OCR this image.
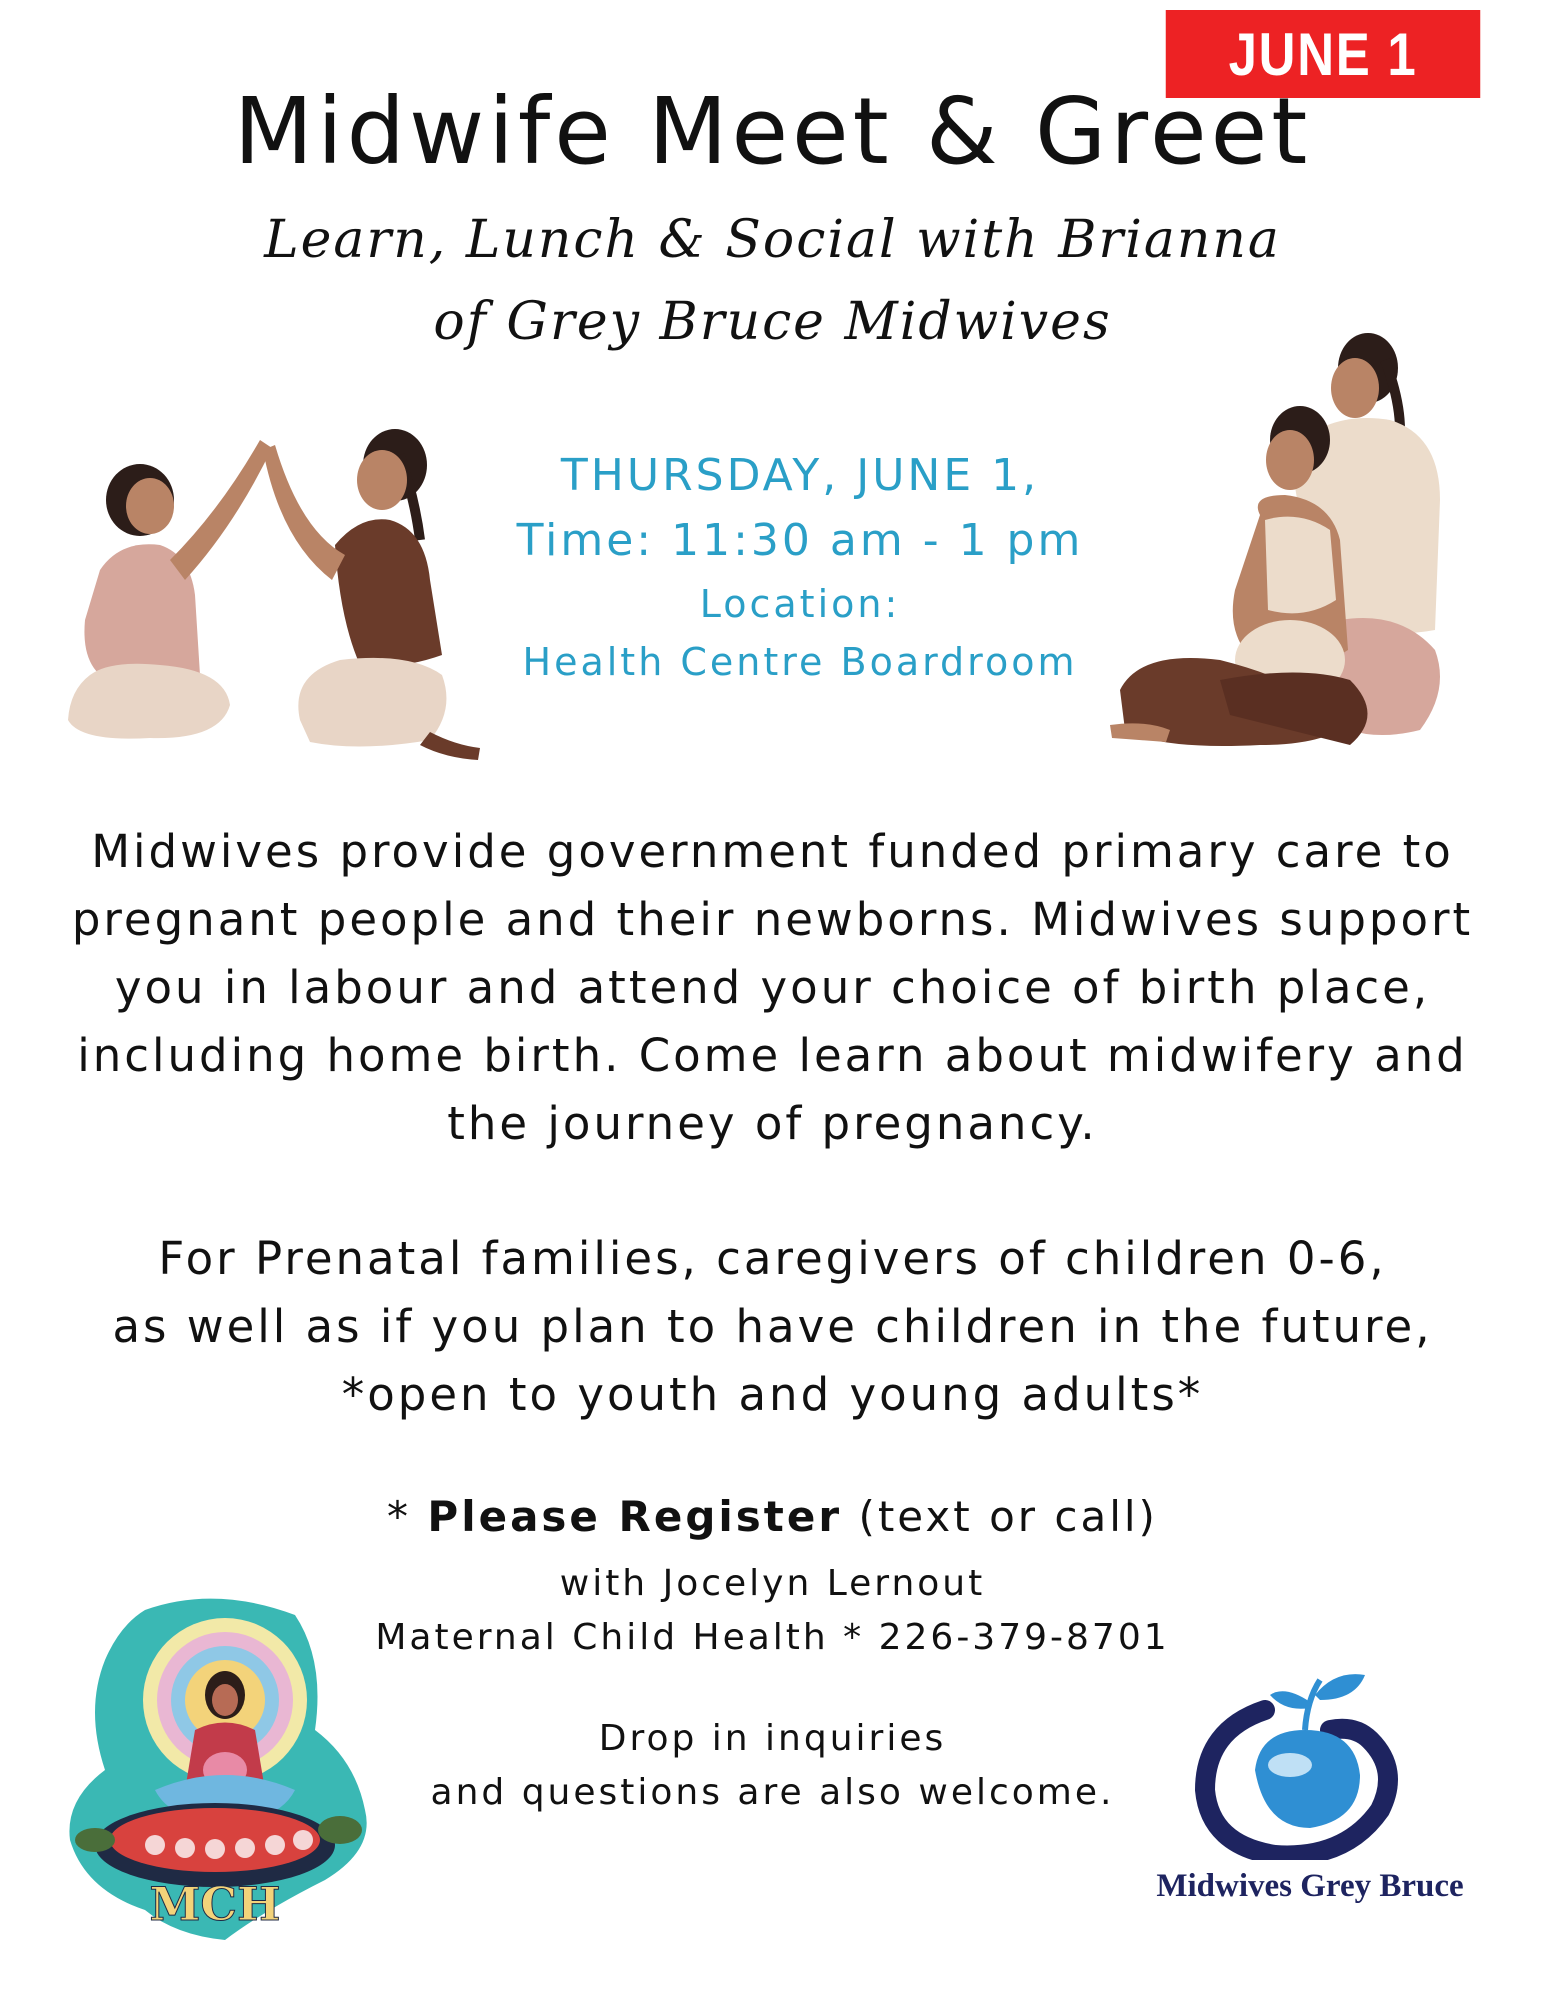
JUNE 1
Midwife Meet & Greet
Learn, Lunch & Social with Brianna
of Grey Bruce Midwives
THURSDAY, JUNE 1,
Time: 11:30 am - 1 pm
Location:
Health Centre Boardroom
Midwives provide government funded primary care to
pregnant people and their newborns. Midwives support
you in labour and attend your choice of birth place,
including home birth. Come learn about midwifery and
the journey of pregnancy.
For Prenatal families, caregivers of children 0-6,
as well as if you plan to have children in the future,
*open to youth and young adults*
* Please Register (text or call)
with Jocelyn Lernout
Maternal Child Health * 226-379-8701
Drop in inquiries
and questions are also welcome.
MCH	Midwives Grey Bruce
